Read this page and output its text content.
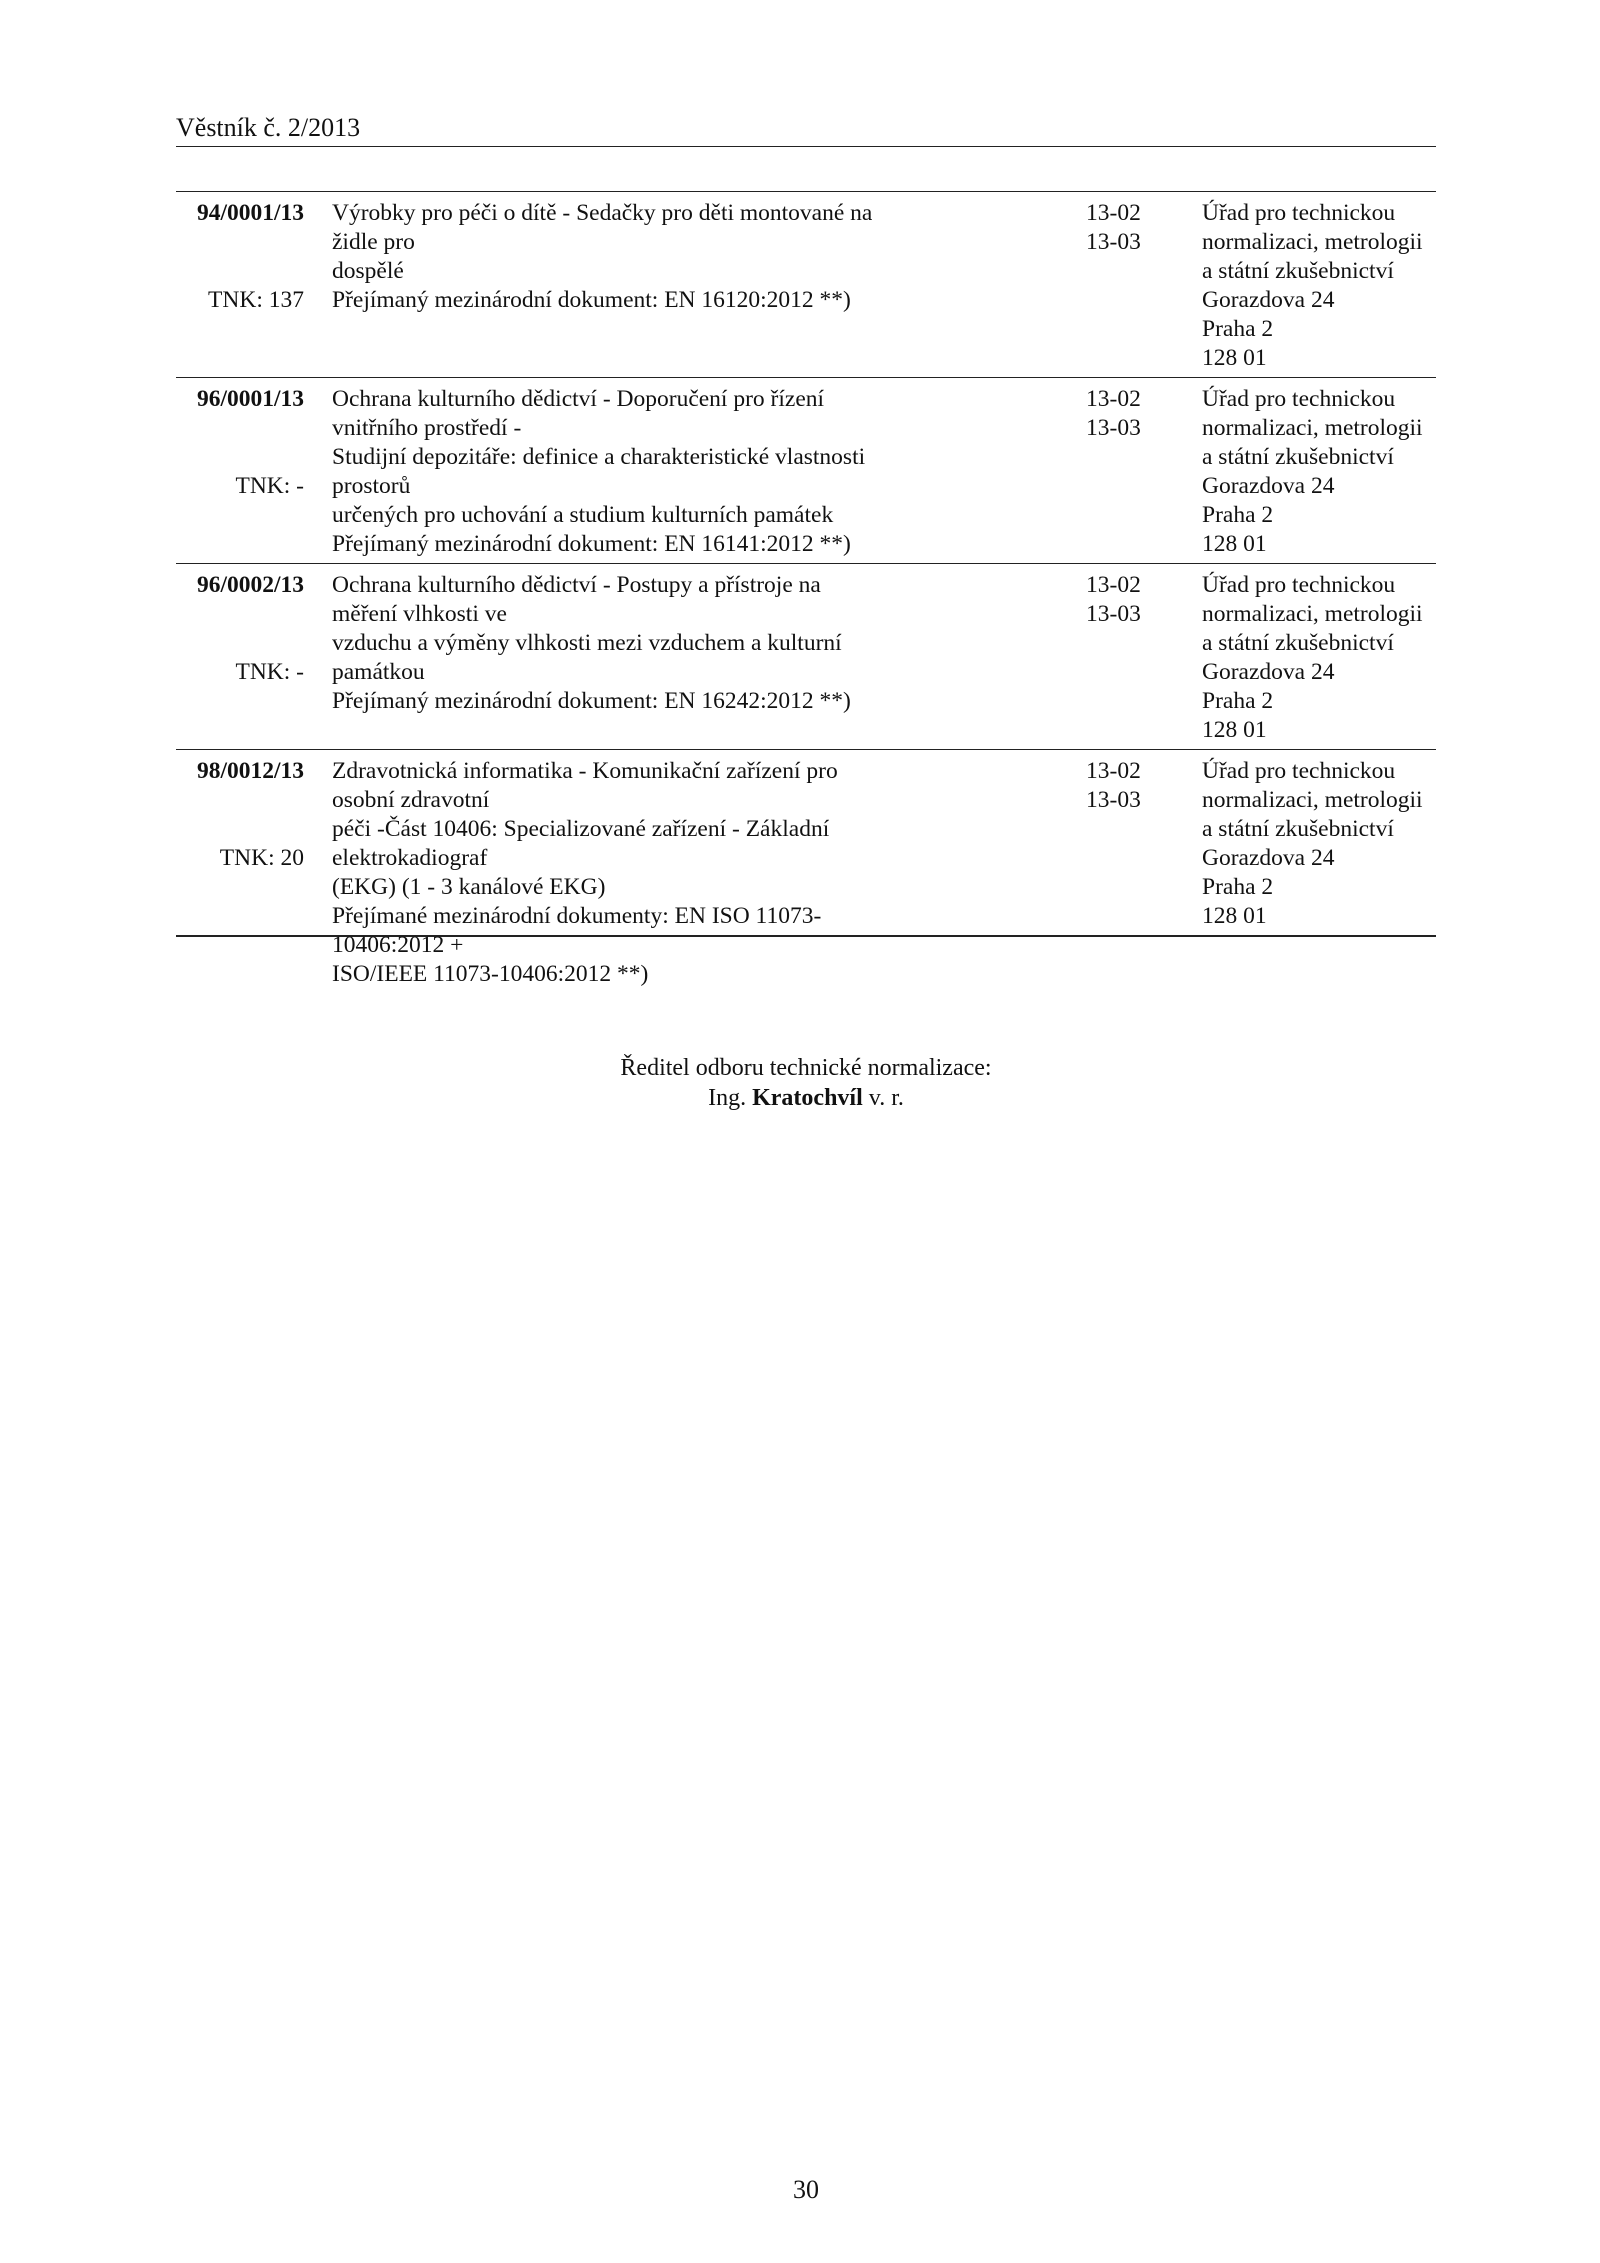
Věstník č. 2/2013
94/0001/13
TNK: 137
Výrobky pro péči o dítě - Sedačky pro děti montované na židle pro
dospělé
Přejímaný mezinárodní dokument: EN 16120:2012 **)
13-02
13-03
Úřad pro technickou
normalizaci, metrologii
a státní zkušebnictví
Gorazdova 24
Praha 2
128 01
96/0001/13
TNK: -
Ochrana kulturního dědictví - Doporučení pro řízení vnitřního prostředí -
Studijní depozitáře: definice a charakteristické vlastnosti prostorů
určených pro uchování a studium kulturních památek
Přejímaný mezinárodní dokument: EN 16141:2012 **)
13-02
13-03
Úřad pro technickou
normalizaci, metrologii
a státní zkušebnictví
Gorazdova 24
Praha 2
128 01
96/0002/13
TNK: -
Ochrana kulturního dědictví - Postupy a přístroje na měření vlhkosti ve
vzduchu a výměny vlhkosti mezi vzduchem a kulturní památkou
Přejímaný mezinárodní dokument: EN 16242:2012 **)
13-02
13-03
Úřad pro technickou
normalizaci, metrologii
a státní zkušebnictví
Gorazdova 24
Praha 2
128 01
98/0012/13
TNK: 20
Zdravotnická informatika - Komunikační zařízení pro osobní zdravotní
péči -Část 10406: Specializované zařízení - Základní elektrokadiograf
(EKG) (1 - 3 kanálové EKG)
Přejímané mezinárodní dokumenty: EN ISO 11073-10406:2012 +
ISO/IEEE 11073-10406:2012 **)
13-02
13-03
Úřad pro technickou
normalizaci, metrologii
a státní zkušebnictví
Gorazdova 24
Praha 2
128 01
Ředitel odboru technické normalizace:
Ing. Kratochvíl v. r.
30
